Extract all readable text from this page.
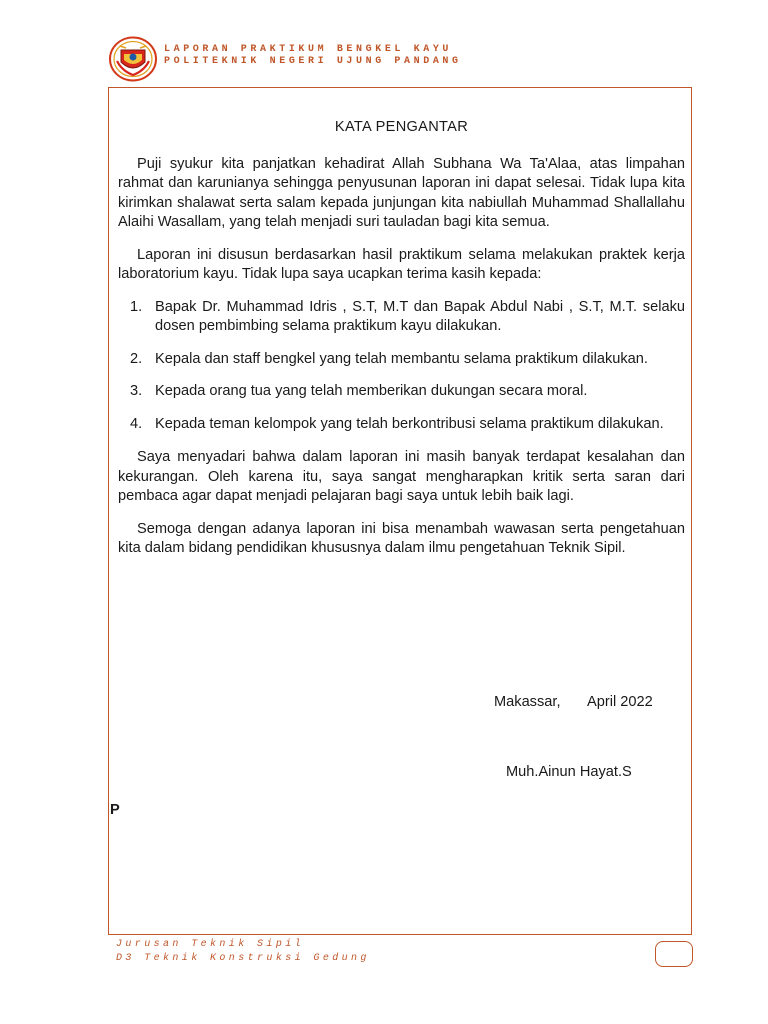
LAPORAN PRAKTIKUM BENGKEL KAYU
POLITEKNIK NEGERI UJUNG PANDANG
KATA PENGANTAR

Puji syukur kita panjatkan kehadirat Allah Subhana Wa Ta'Alaa, atas limpahan rahmat dan karunianya sehingga penyusunan laporan ini dapat selesai. Tidak lupa kita kirimkan shalawat serta salam kepada junjungan kita nabiullah Muhammad Shallallahu Alaihi Wasallam, yang telah menjadi suri tauladan bagi kita semua.

Laporan ini disusun berdasarkan hasil praktikum selama melakukan praktek kerja laboratorium kayu. Tidak lupa saya ucapkan terima kasih kepada:

1. Bapak Dr. Muhammad Idris , S.T, M.T dan Bapak Abdul Nabi , S.T, M.T. selaku dosen pembimbing selama praktikum kayu dilakukan.
2. Kepala dan staff bengkel yang telah membantu selama praktikum dilakukan.
3. Kepada orang tua yang telah memberikan dukungan secara moral.
4. Kepada teman kelompok yang telah berkontribusi selama praktikum dilakukan.

Saya menyadari bahwa dalam laporan ini masih banyak terdapat kesalahan dan kekurangan. Oleh karena itu, saya sangat mengharapkan kritik serta saran dari pembaca agar dapat menjadi pelajaran bagi saya untuk lebih baik lagi.

Semoga dengan adanya laporan ini bisa menambah wawasan serta pengetahuan kita dalam bidang pendidikan khususnya dalam ilmu pengetahuan Teknik Sipil.

Makassar, April 2022
Muh.Ainun Hayat.S
P
Jurusan Teknik Sipil
D3 Teknik Konstruksi Gedung
